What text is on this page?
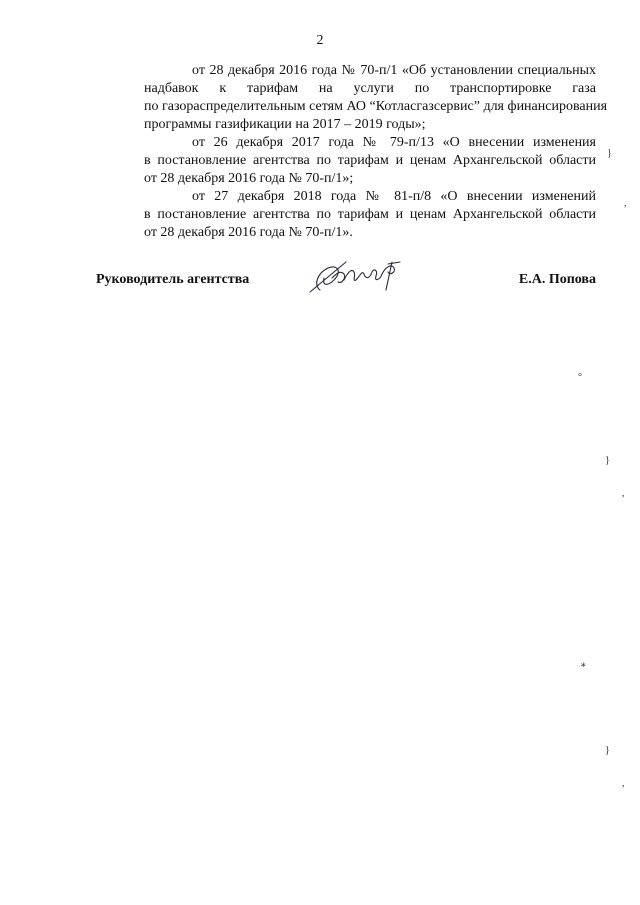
2
от 28 декабря 2016 года № 70-п/1 «Об установлении специальных
надбавок к тарифам на услуги по транспортировке газа
по газораспределительным сетям АО “Котласгазсервис” для финансирования
программы газификации на 2017 – 2019 годы»;
от 26 декабря 2017 года № 79-п/13 «О внесении изменения
в постановление агентства по тарифам и ценам Архангельской области
от 28 декабря 2016 года № 70-п/1»;
от 27 декабря 2018 года № 81-п/8 «О внесении изменений
в постановление агентства по тарифам и ценам Архангельской области
от 28 декабря 2016 года № 70-п/1».
Руководитель агентства	Е.А. Попова
}
,
°
}
,
∗
}
,
